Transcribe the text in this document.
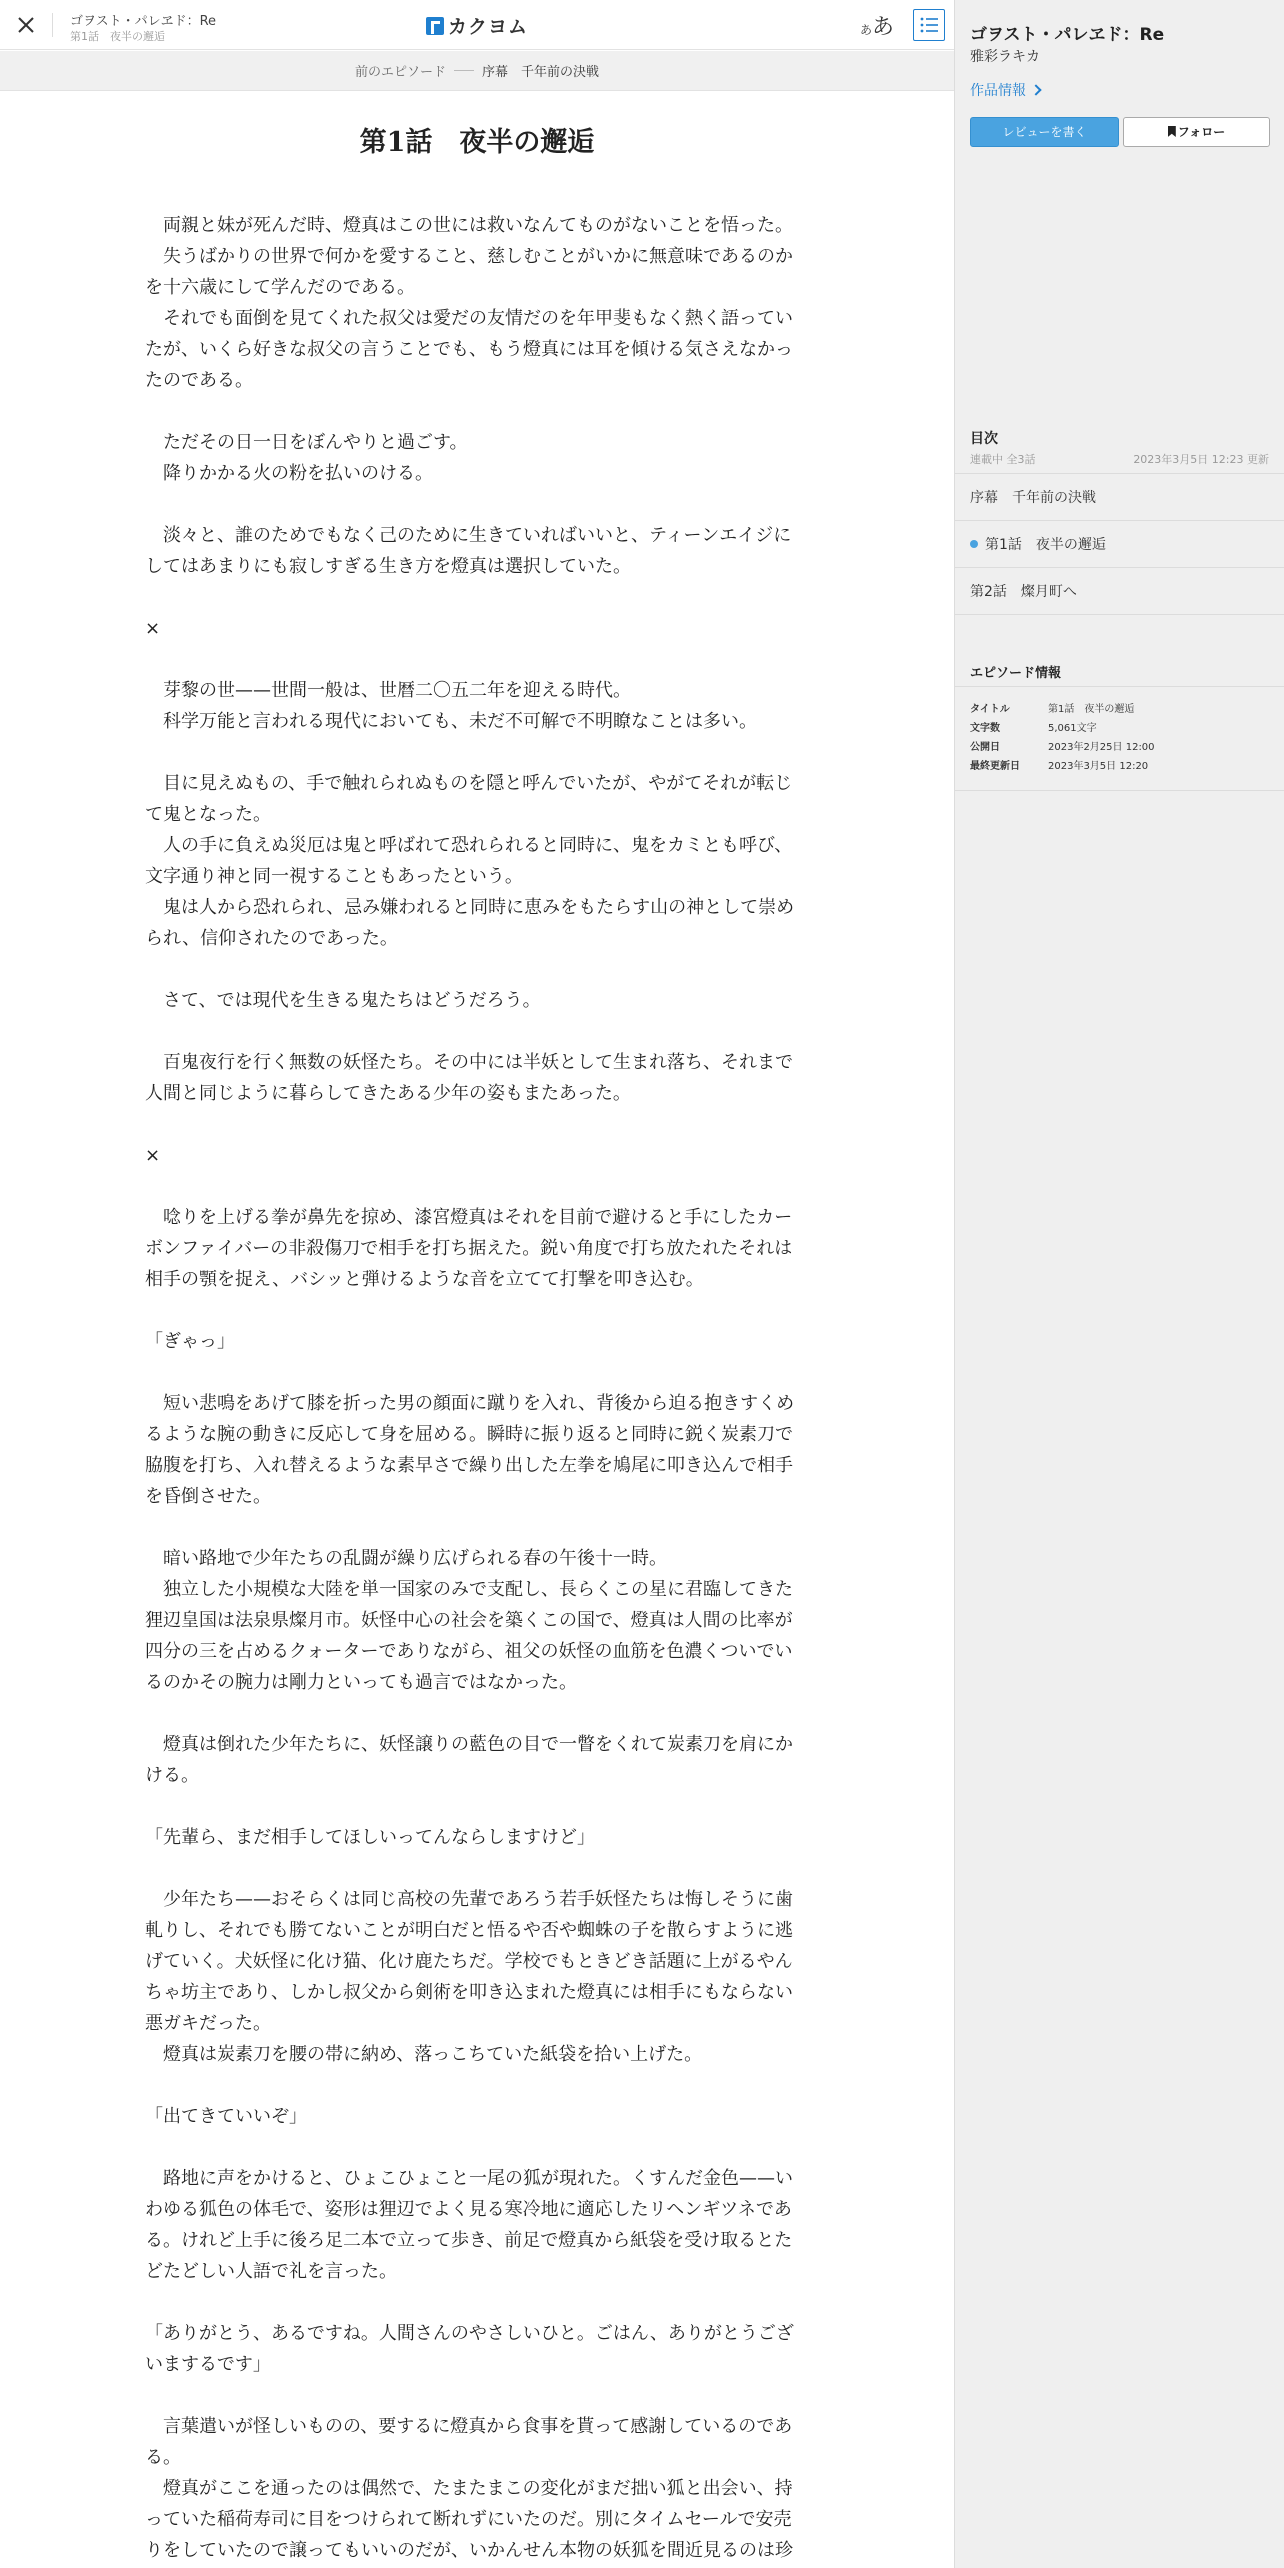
ゴヲスト・パレヱド：Re
第1話　夜半の邂逅	カクヨム	ああ
前のエピソード	序幕　千年前の決戦
第1話　夜半の邂逅

　両親と妹が死んだ時、燈真はこの世には救いなんてものがないことを悟った。

　失うばかりの世界で何かを愛すること、慈しむことがいかに無意味であるのか

を十六歳にして学んだのである。

　それでも面倒を見てくれた叔父は愛だの友情だのを年甲斐もなく熱く語ってい

たが、いくら好きな叔父の言うことでも、もう燈真には耳を傾ける気さえなかっ

たのである。

　ただその日一日をぼんやりと過ごす。

　降りかかる火の粉を払いのける。

　淡々と、誰のためでもなく己のために生きていればいいと、ティーンエイジに

してはあまりにも寂しすぎる生き方を燈真は選択していた。

×

　芽黎の世——世間一般は、世暦二〇五二年を迎える時代。

　科学万能と言われる現代においても、未だ不可解で不明瞭なことは多い。

　目に見えぬもの、手で触れられぬものを隠と呼んでいたが、やがてそれが転じ

て鬼となった。

　人の手に負えぬ災厄は鬼と呼ばれて恐れられると同時に、鬼をカミとも呼び、

文字通り神と同一視することもあったという。

　鬼は人から恐れられ、忌み嫌われると同時に恵みをもたらす山の神として崇め

られ、信仰されたのであった。

　さて、では現代を生きる鬼たちはどうだろう。

　百鬼夜行を行く無数の妖怪たち。その中には半妖として生まれ落ち、それまで

人間と同じように暮らしてきたある少年の姿もまたあった。

×

　唸りを上げる拳が鼻先を掠め、漆宮燈真はそれを目前で避けると手にしたカー

ボンファイバーの非殺傷刀で相手を打ち据えた。鋭い角度で打ち放たれたそれは

相手の顎を捉え、バシッと弾けるような音を立てて打撃を叩き込む。

「ぎゃっ」

　短い悲鳴をあげて膝を折った男の顔面に蹴りを入れ、背後から迫る抱きすくめ

るような腕の動きに反応して身を屈める。瞬時に振り返ると同時に鋭く炭素刀で

脇腹を打ち、入れ替えるような素早さで繰り出した左拳を鳩尾に叩き込んで相手

を昏倒させた。

　暗い路地で少年たちの乱闘が繰り広げられる春の午後十一時。

　独立した小規模な大陸を単一国家のみで支配し、長らくこの星に君臨してきた

狸辺皇国は法泉県燦月市。妖怪中心の社会を築くこの国で、燈真は人間の比率が

四分の三を占めるクォーターでありながら、祖父の妖怪の血筋を色濃くついでい

るのかその腕力は剛力といっても過言ではなかった。

　燈真は倒れた少年たちに、妖怪譲りの藍色の目で一瞥をくれて炭素刀を肩にか

ける。

「先輩ら、まだ相手してほしいってんならしますけど」

　少年たち——おそらくは同じ高校の先輩であろう若手妖怪たちは悔しそうに歯

軋りし、それでも勝てないことが明白だと悟るや否や蜘蛛の子を散らすように逃

げていく。犬妖怪に化け猫、化け鹿たちだ。学校でもときどき話題に上がるやん

ちゃ坊主であり、しかし叔父から剣術を叩き込まれた燈真には相手にもならない

悪ガキだった。

　燈真は炭素刀を腰の帯に納め、落っこちていた紙袋を拾い上げた。

「出てきていいぞ」

　路地に声をかけると、ひょこひょこと一尾の狐が現れた。くすんだ金色——い

わゆる狐色の体毛で、姿形は狸辺でよく見る寒冷地に適応したリヘンギツネであ

る。けれど上手に後ろ足二本で立って歩き、前足で燈真から紙袋を受け取るとた

どたどしい人語で礼を言った。

「ありがとう、あるですね。人間さんのやさしいひと。ごはん、ありがとうござ

いまするです」

　言葉遣いが怪しいものの、要するに燈真から食事を貰って感謝しているのであ

る。

　燈真がここを通ったのは偶然で、たまたまこの変化がまだ拙い狐と出会い、持

っていた稲荷寿司に目をつけられて断れずにいたのだ。別にタイムセールで安売

りをしていたので譲ってもいいのだが、いかんせん本物の妖狐を間近見るのは珍

ゴヲスト・パレヱド：Re
雅彩ラキカ
作品情報
レビューを書く	フォロー
目次
連載中 全3話	2023年3月5日 12:23 更新
序幕　千年前の決戦
第1話　夜半の邂逅
第2話　燦月町へ
エピソード情報
タイトル	第1話　夜半の邂逅
文字数	5,061文字
公開日	2023年2月25日 12:00
最終更新日	2023年3月5日 12:20
